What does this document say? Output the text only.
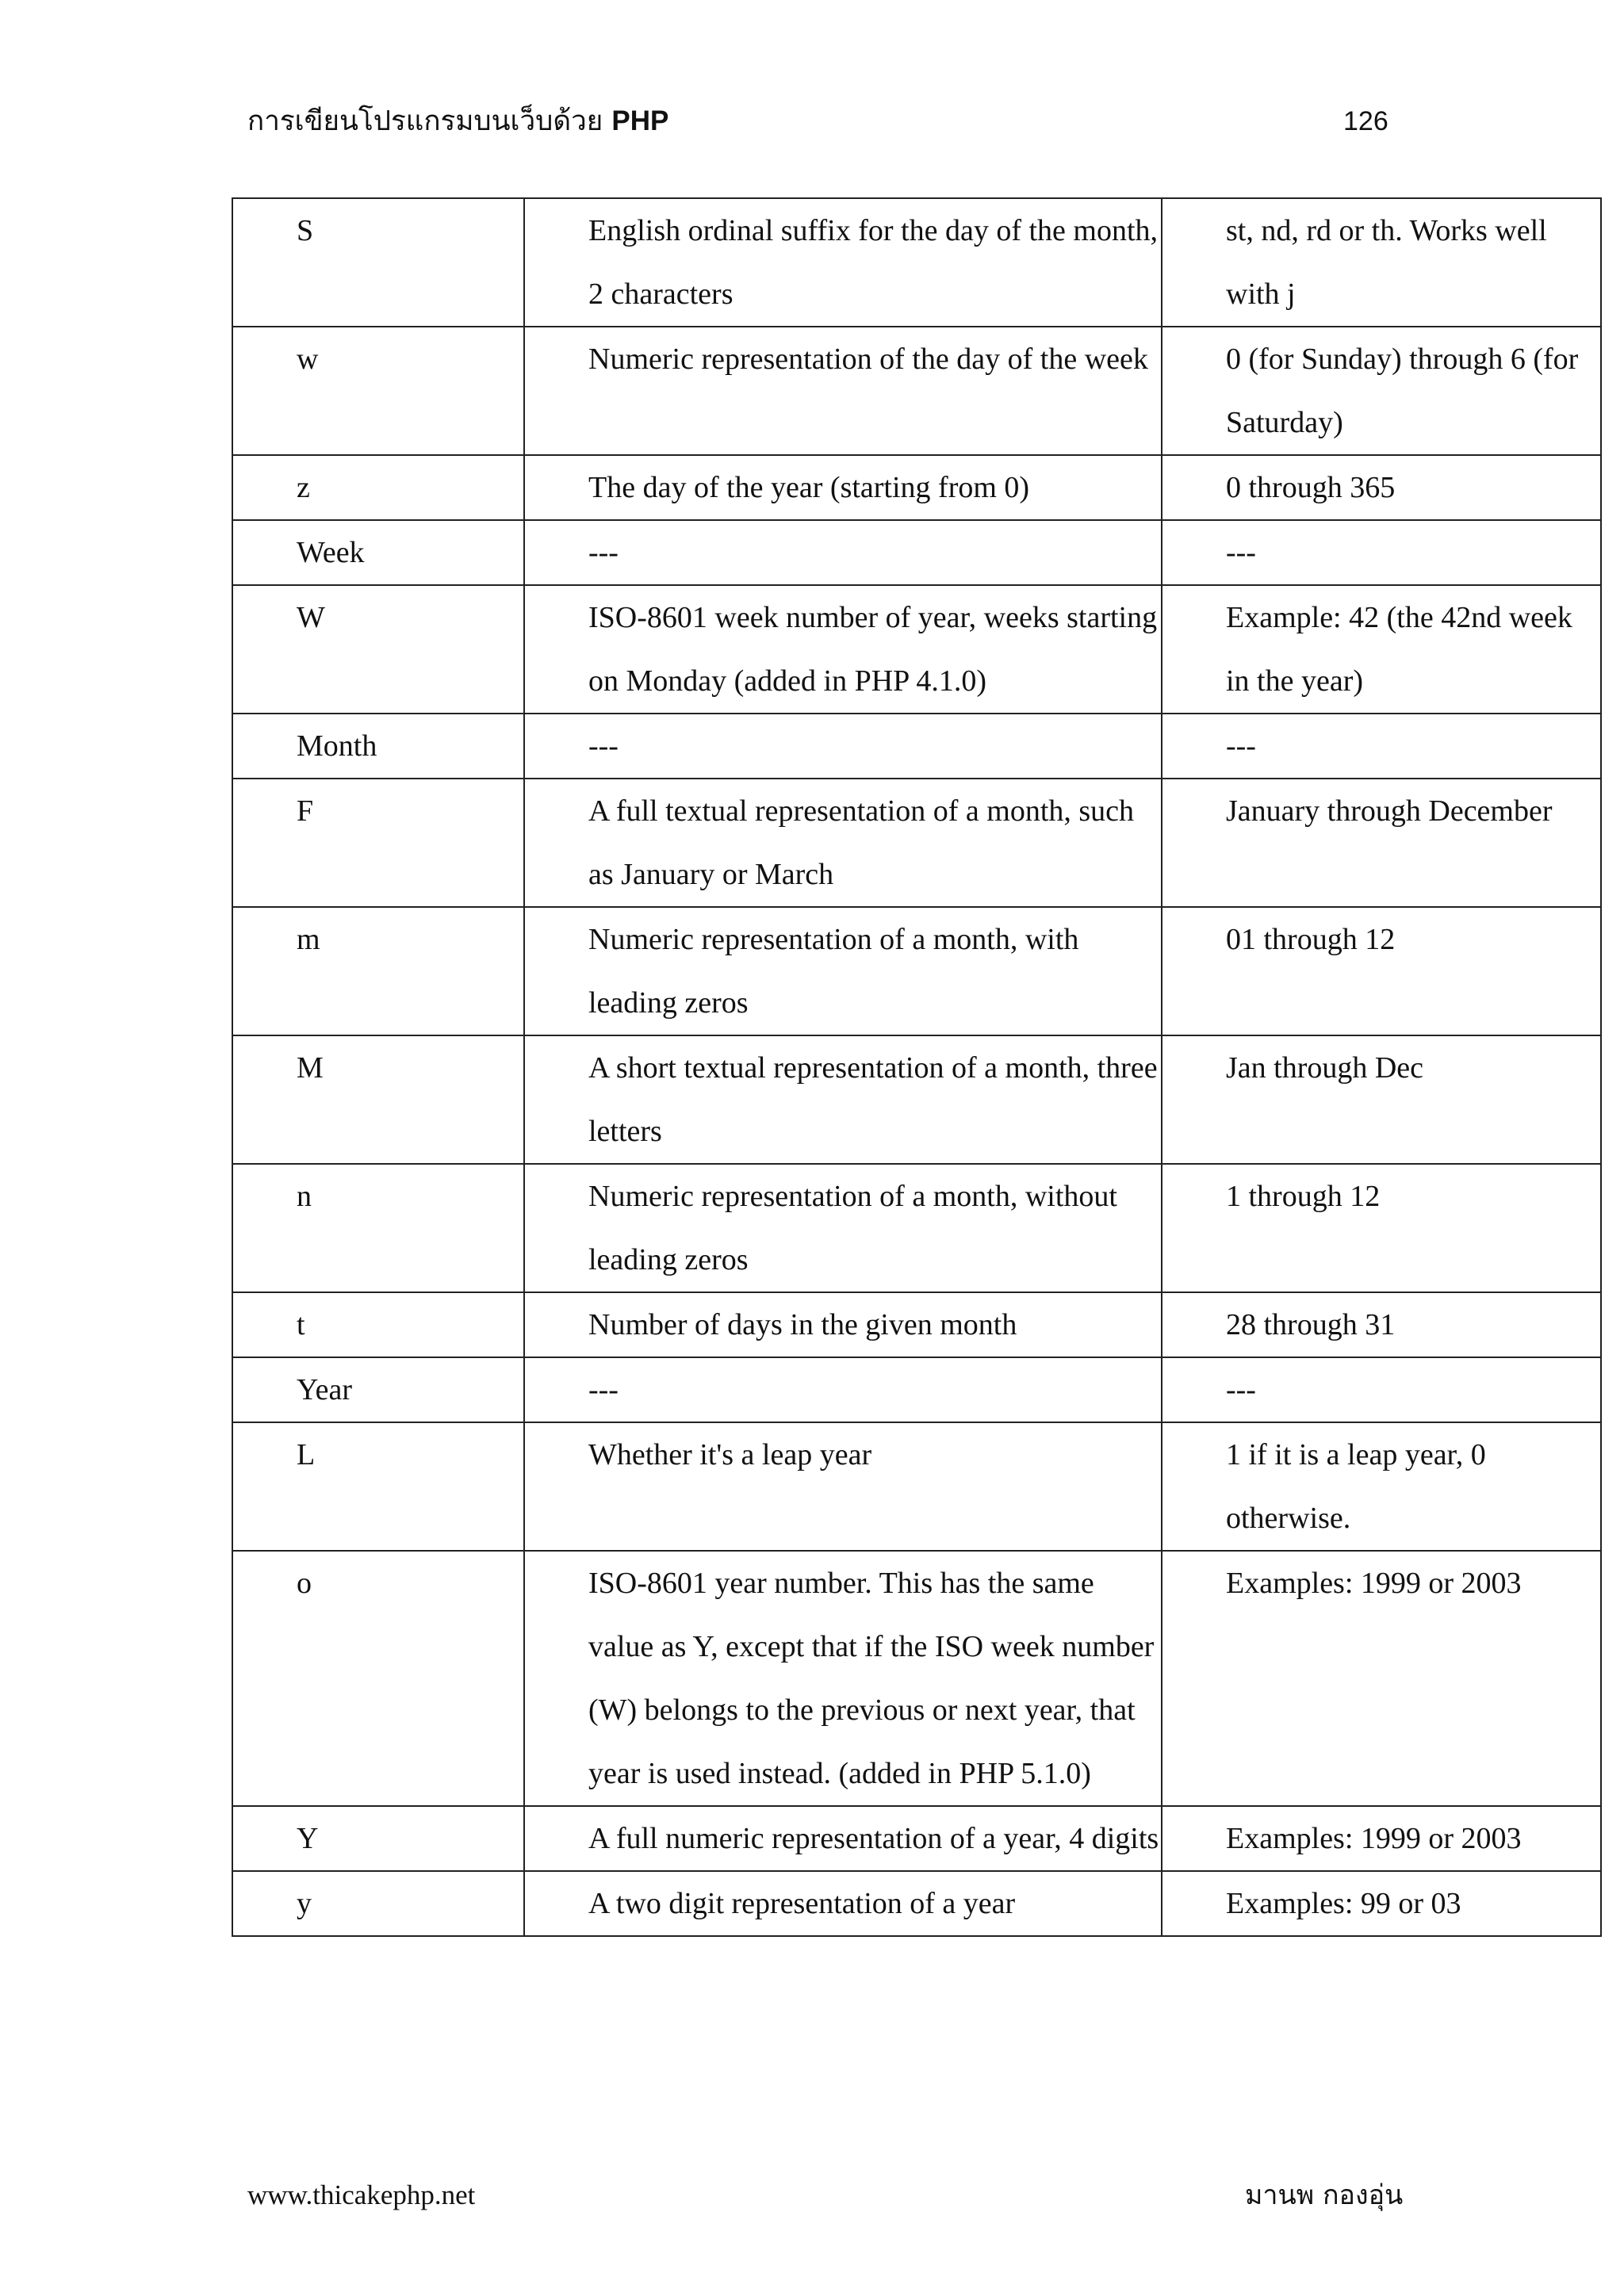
การเขียนโปรแกรมบนเว็บด้วย PHP	126
S	English ordinal suffix for the day of the month, 2 characters	st, nd, rd or th. Works well with j

w	Numeric representation of the day of the week	0 (for Sunday) through 6 (for Saturday)

z	The day of the year (starting from 0)	0 through 365

Week	---	---

W	ISO-8601 week number of year, weeks starting on Monday (added in PHP 4.1.0)	Example: 42 (the 42nd week in the year)

Month	---	---

F	A full textual representation of a month, such as January or March	January through December

m	Numeric representation of a month, with leading zeros	01 through 12

M	A short textual representation of a month, three letters	Jan through Dec

n	Numeric representation of a month, without leading zeros	1 through 12

t	Number of days in the given month	28 through 31

Year	---	---

L	Whether it's a leap year	1 if it is a leap year, 0 otherwise.

o	ISO-8601 year number. This has the same value as Y, except that if the ISO week number (W) belongs to the previous or next year, that year is used instead. (added in PHP 5.1.0)	Examples: 1999 or 2003

Y	A full numeric representation of a year, 4 digits	Examples: 1999 or 2003

y	A two digit representation of a year	Examples: 99 or 03
www.thicakephp.net	มานพ กองอุ่น
